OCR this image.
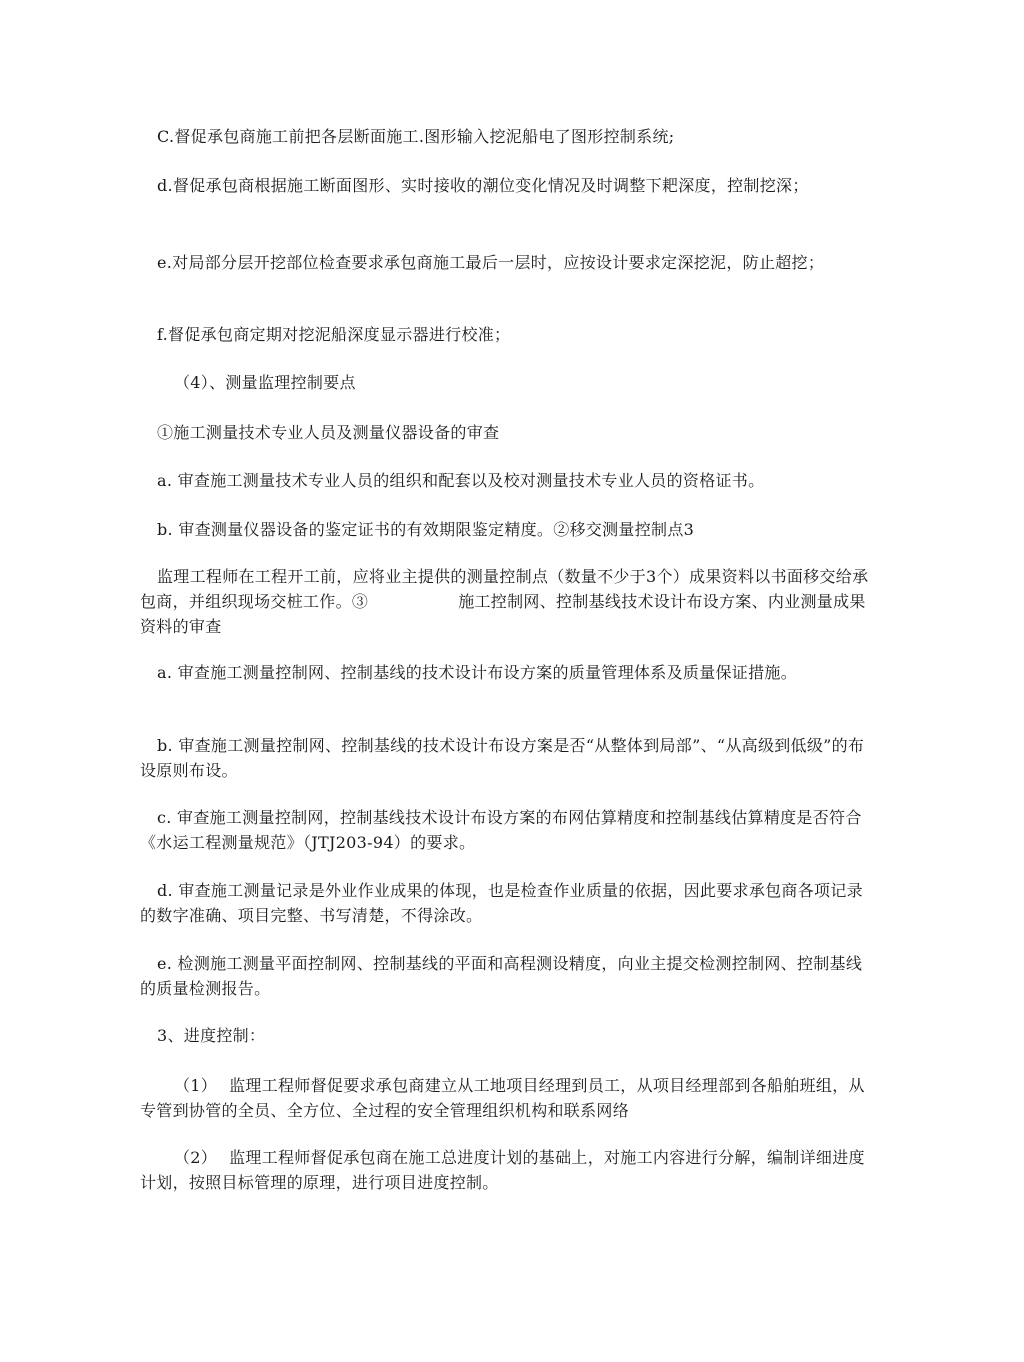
C.督促承包商施工前把各层断面施工.图形输入挖泥船电了图形控制系统;

d.督促承包商根据施工断面图形、实时接收的潮位变化情况及时调整下耙深度，控制挖深；

e.对局部分层开挖部位检查要求承包商施工最后一层时，应按设计要求定深挖泥，防止超挖；

f.督促承包商定期对挖泥船深度显示器进行校准；

（4）、测量监理控制要点

①施工测量技术专业人员及测量仪器设备的审查

a. 审查施工测量技术专业人员的组织和配套以及校对测量技术专业人员的资格证书。

b. 审查测量仪器设备的鉴定证书的有效期限鉴定精度。②移交测量控制点3

监理工程师在工程开工前，应将业主提供的测量控制点（数量不少于3个）成果资料以书面移交给承包商，并组织现场交桩工作。③	施工控制网、控制基线技术设计布设方案、内业测量成果资料的审查

a. 审查施工测量控制网、控制基线的技术设计布设方案的质量管理体系及质量保证措施。

b. 审查施工测量控制网、控制基线的技术设计布设方案是否“从整体到局部”、“从高级到低级”的布设原则布设。

c. 审查施工测量控制网，控制基线技术设计布设方案的布网估算精度和控制基线估算精度是否符合《水运工程测量规范》（JTJ203-94）的要求。

d. 审查施工测量记录是外业作业成果的体现，也是检查作业质量的依据，因此要求承包商各项记录的数字准确、项目完整、书写清楚，不得涂改。

e. 检测施工测量平面控制网、控制基线的平面和高程测设精度，向业主提交检测控制网、控制基线的质量检测报告。

3、进度控制：

（1） 监理工程师督促要求承包商建立从工地项目经理到员工，从项目经理部到各船舶班组，从专管到协管的全员、全方位、全过程的安全管理组织机构和联系网络

（2） 监理工程师督促承包商在施工总进度计划的基础上，对施工内容进行分解，编制详细进度计划，按照目标管理的原理，进行项目进度控制。
